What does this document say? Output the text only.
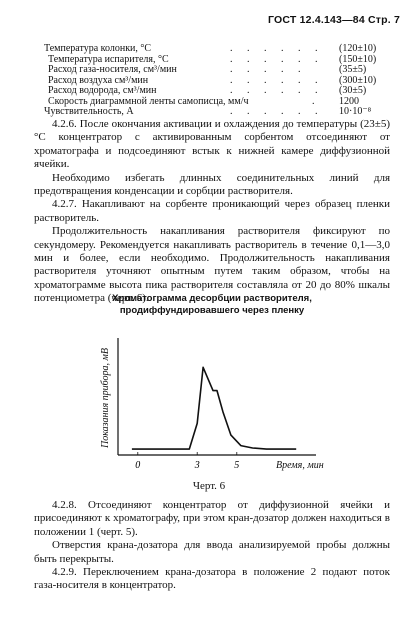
ГОСТ 12.4.143—84 Стр. 7
Температура колонки, °С	. . . . . . (120±10)
Температура испарителя, °С	. . . . . . (150±10)
Расход газа-носителя, см³/мин	. . . . .	(35±5)
Расход воздуха см³/мин	. . . . . . (300±10)
Расход водорода, см³/мин	. . . . . . (30±5)
Скорость диаграммной ленты самописца, мм/ч	. 1200
Чувствительность, А	. . . . . . 10·10⁻⁸

4.2.6. После окончания активации и охлаждения до температуры (23±5)°С концентратор с активированным сорбентом отсоединяют от хроматографа и подсоединяют встык к нижней камере диффузионной ячейки.

Необходимо избегать длинных соединительных линий для предотвращения конденсации и сорбции растворителя.

4.2.7. Накапливают на сорбенте проникающий через образец пленки растворитель.

Продолжительность накапливания растворителя фиксируют по секундомеру. Рекомендуется накапливать растворитель в течение 0,1—3,0 мин и более, если необходимо. Продолжительность накапливания растворителя уточняют опытным путем таким образом, чтобы на хроматограмме высота пика растворителя составляла от 20 до 80% шкалы потенциометра (черт. 6).

Хроматограмма десорбции растворителя,
продиффундировавшего через пленку
Показания прибора, мВ
Время, мин
0	3	5
Черт. 6

4.2.8. Отсоединяют концентратор от диффузионной ячейки и присоединяют к хроматографу, при этом кран-дозатор должен находиться в положении 1 (черт. 5).

Отверстия крана-дозатора для ввода анализируемой пробы должны быть перекрыты.

4.2.9. Переключением крана-дозатора в положение 2 подают поток газа-носителя в концентратор.
